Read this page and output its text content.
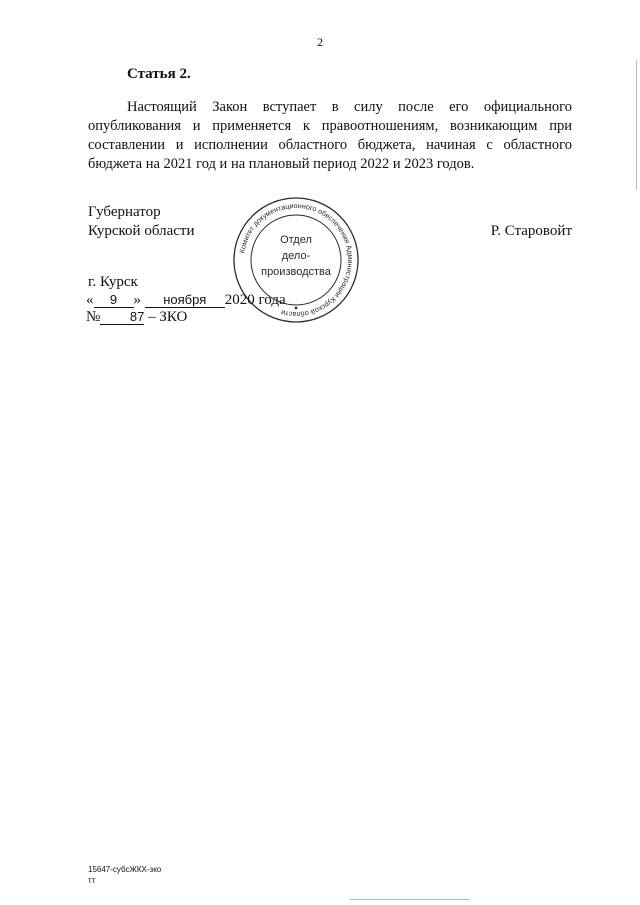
2
Статья 2.

Настоящий Закон вступает в силу после его официального опубликования и применяется к правоотношениям, возникающим при составлении и исполнении областного бюджета, начиная с областного бюджета на 2021 год и на плановый период 2022 и 2023 годов.

Губернатор
Курской области	Р. Старовойт
Комитет документационного обеспечения Администрации Курской области
Отдел
дело-
производства
г. Курск
« 9 » ноября 2020 года
№ 87 – ЗКО
15647-субсЖКХ-зко
тт
